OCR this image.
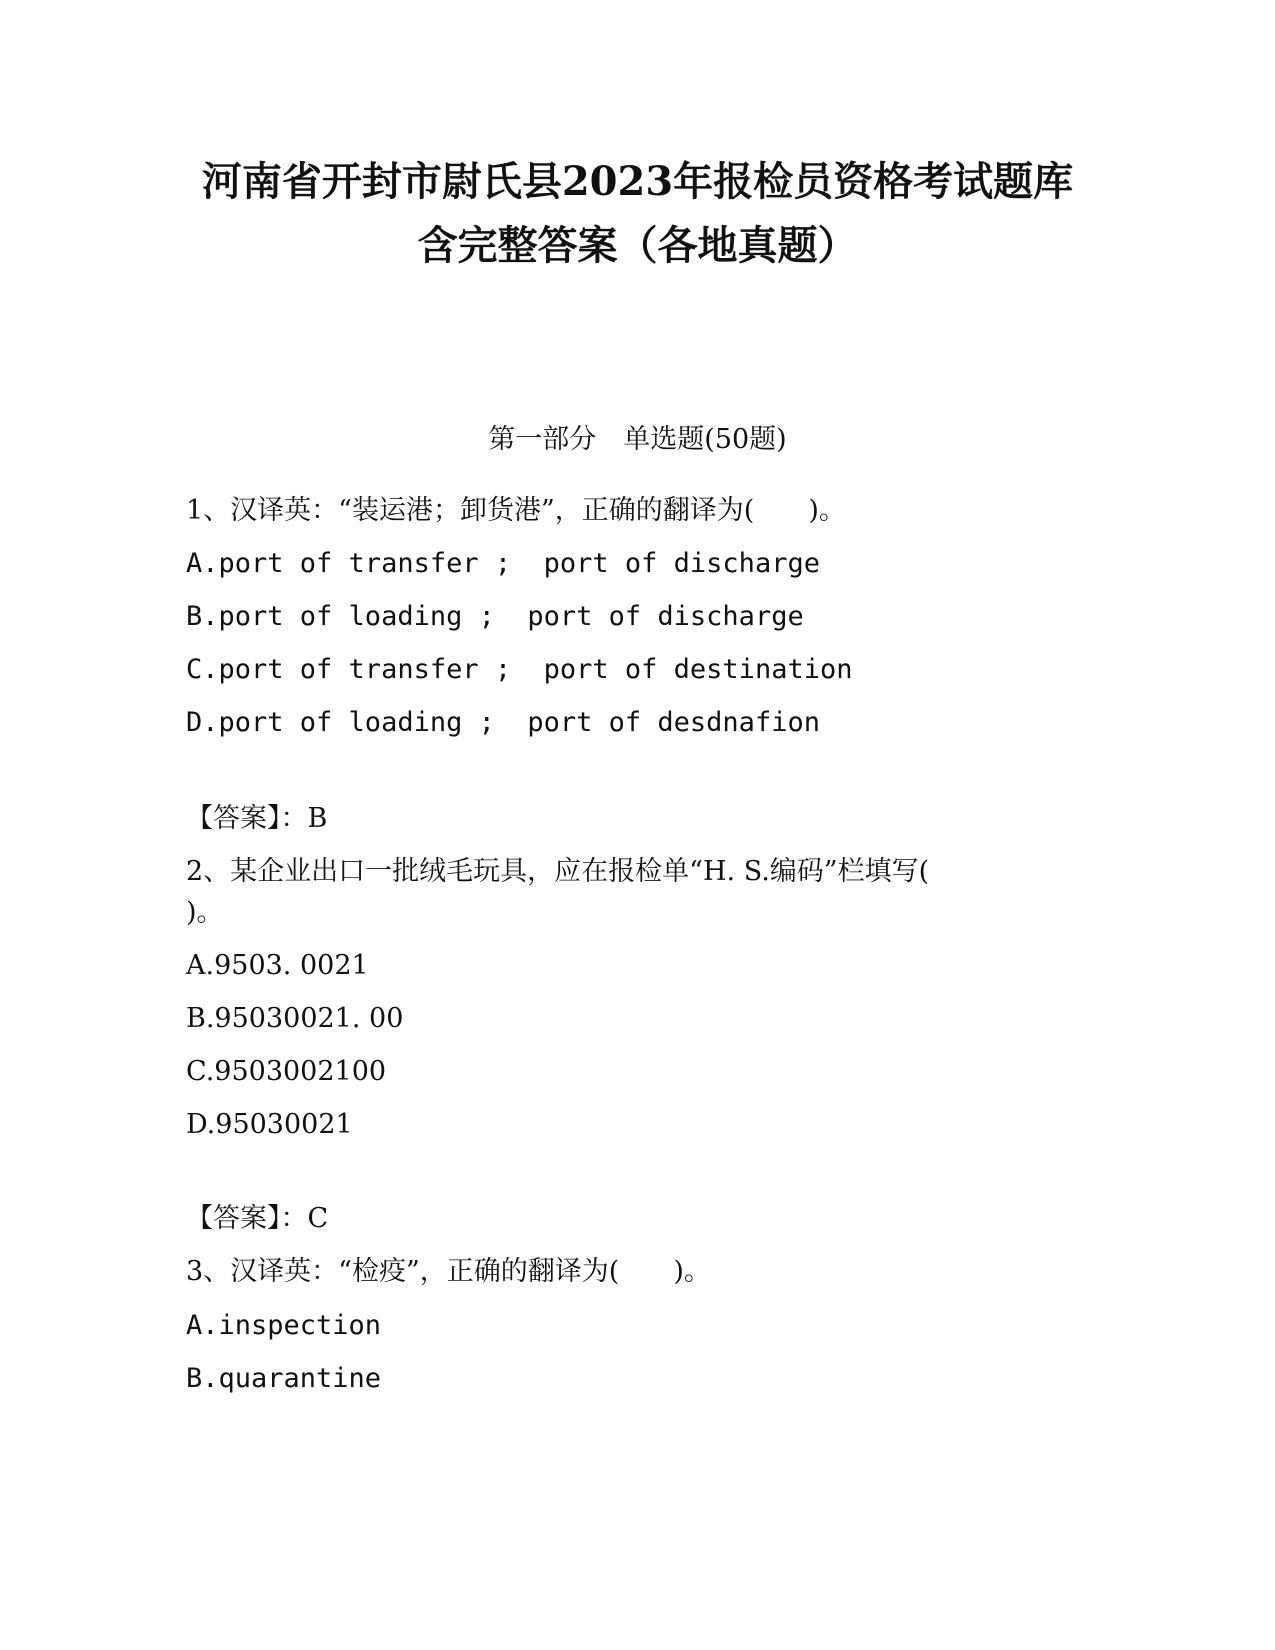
河南省开封市尉氏县2023年报检员资格考试题库
含完整答案（各地真题）
第一部分　单选题(50题)
1、汉译英：“装运港；卸货港”，正确的翻译为(　　)。
A.port of transfer ;  port of discharge
B.port of loading ;  port of discharge
C.port of transfer ;  port of destination
D.port of loading ;  port of desdnafion
【答案】：B
2、某企业出口一批绒毛玩具，应在报检单“H. S.编码”栏填写(
)。
A.9503. 0021
B.95030021. 00
C.9503002100
D.95030021
【答案】：C
3、汉译英：“检疫”，正确的翻译为(　　)。
A.inspection
B.quarantine
